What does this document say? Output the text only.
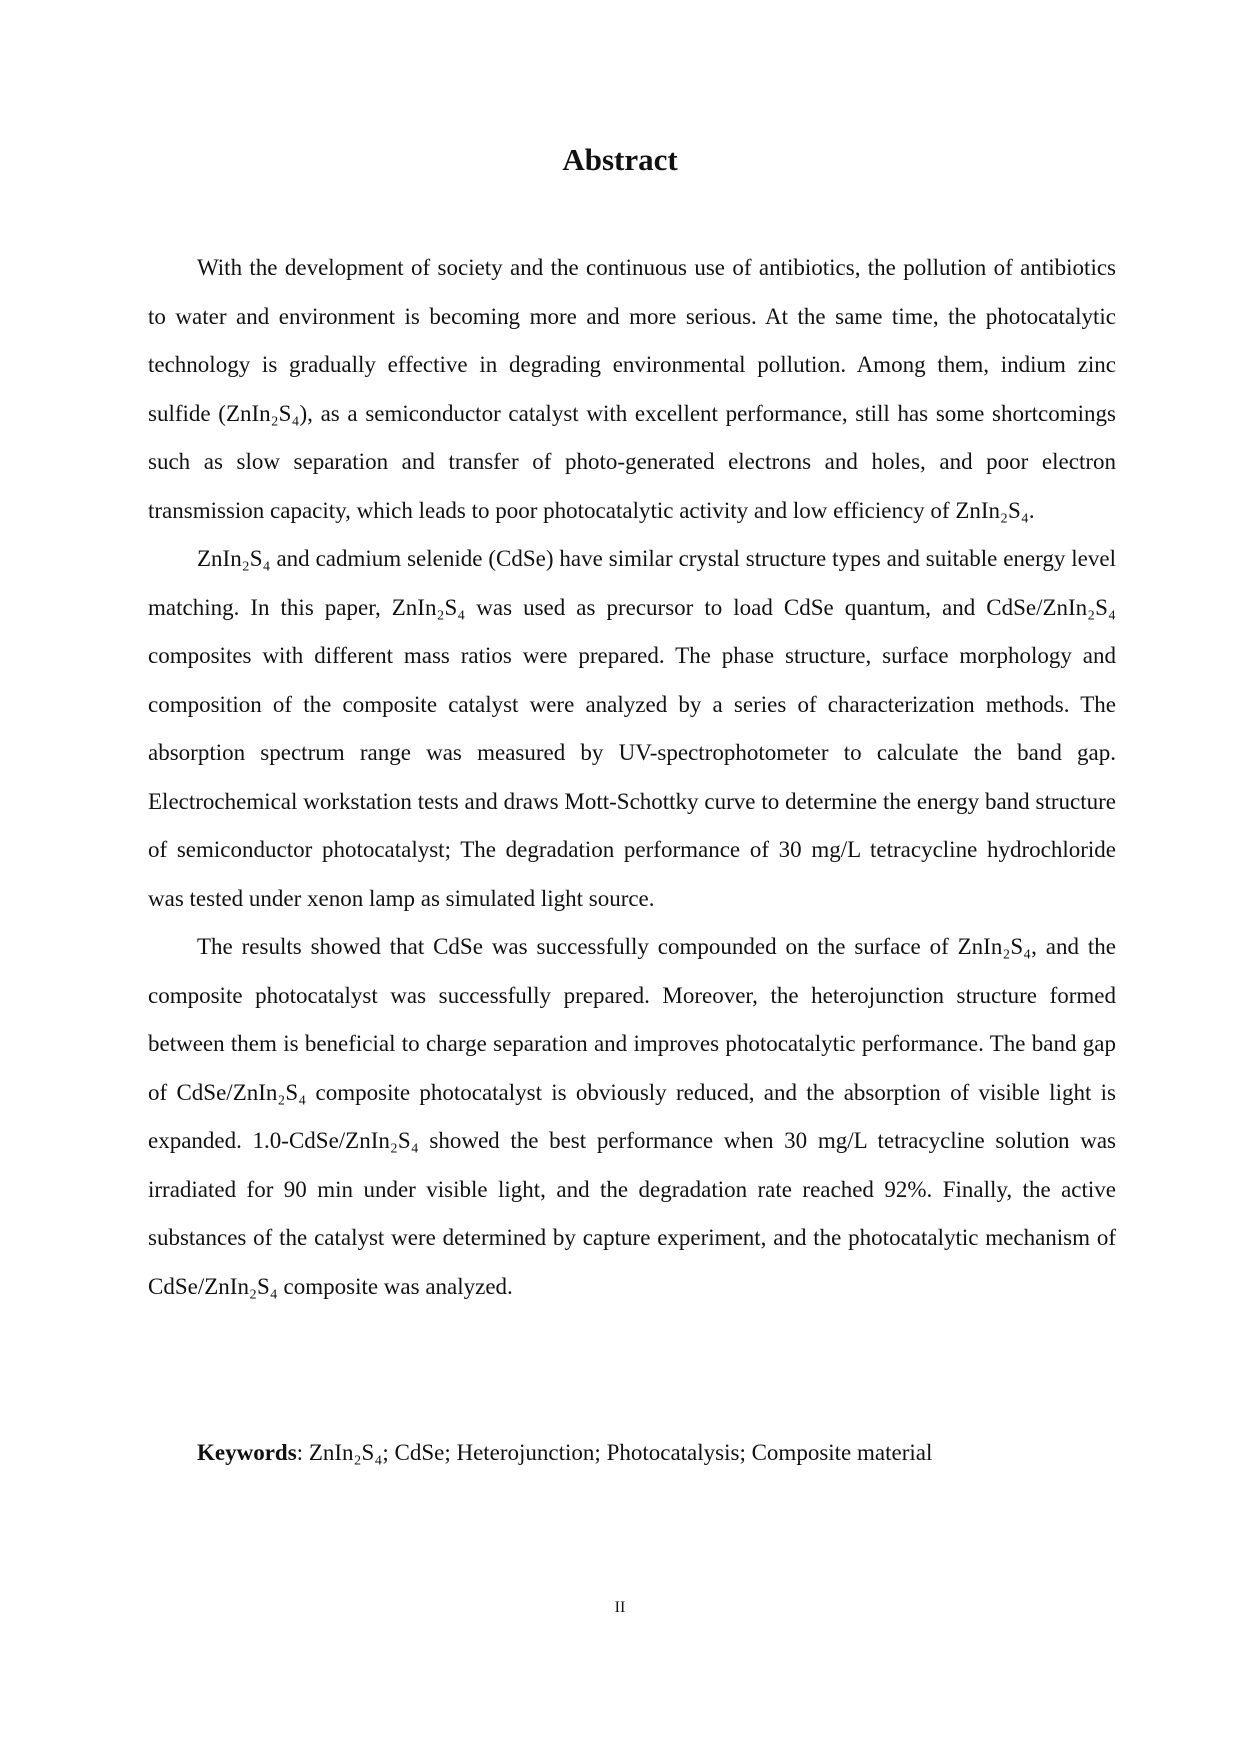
Abstract

With the development of society and the continuous use of antibiotics, the pollution of antibiotics to water and environment is becoming more and more serious. At the same time, the photocatalytic technology is gradually effective in degrading environmental pollution. Among them, indium zinc sulfide (ZnIn₂S₄), as a semiconductor catalyst with excellent performance, still has some shortcomings such as slow separation and transfer of photo-generated electrons and holes, and poor electron transmission capacity, which leads to poor photocatalytic activity and low efficiency of ZnIn₂S₄.

ZnIn₂S₄ and cadmium selenide (CdSe) have similar crystal structure types and suitable energy level matching. In this paper, ZnIn₂S₄ was used as precursor to load CdSe quantum, and CdSe/ZnIn₂S₄ composites with different mass ratios were prepared. The phase structure, surface morphology and composition of the composite catalyst were analyzed by a series of characterization methods. The absorption spectrum range was measured by UV-spectrophotometer to calculate the band gap. Electrochemical workstation tests and draws Mott-Schottky curve to determine the energy band structure of semiconductor photocatalyst; The degradation performance of 30 mg/L tetracycline hydrochloride was tested under xenon lamp as simulated light source.

The results showed that CdSe was successfully compounded on the surface of ZnIn₂S₄, and the composite photocatalyst was successfully prepared. Moreover, the heterojunction structure formed between them is beneficial to charge separation and improves photocatalytic performance. The band gap of CdSe/ZnIn₂S₄ composite photocatalyst is obviously reduced, and the absorption of visible light is expanded. 1.0-CdSe/ZnIn₂S₄ showed the best performance when 30 mg/L tetracycline solution was irradiated for 90 min under visible light, and the degradation rate reached 92%. Finally, the active substances of the catalyst were determined by capture experiment, and the photocatalytic mechanism of CdSe/ZnIn₂S₄ composite was analyzed.

Keywords: ZnIn₂S₄; CdSe; Heterojunction; Photocatalysis; Composite material

II
